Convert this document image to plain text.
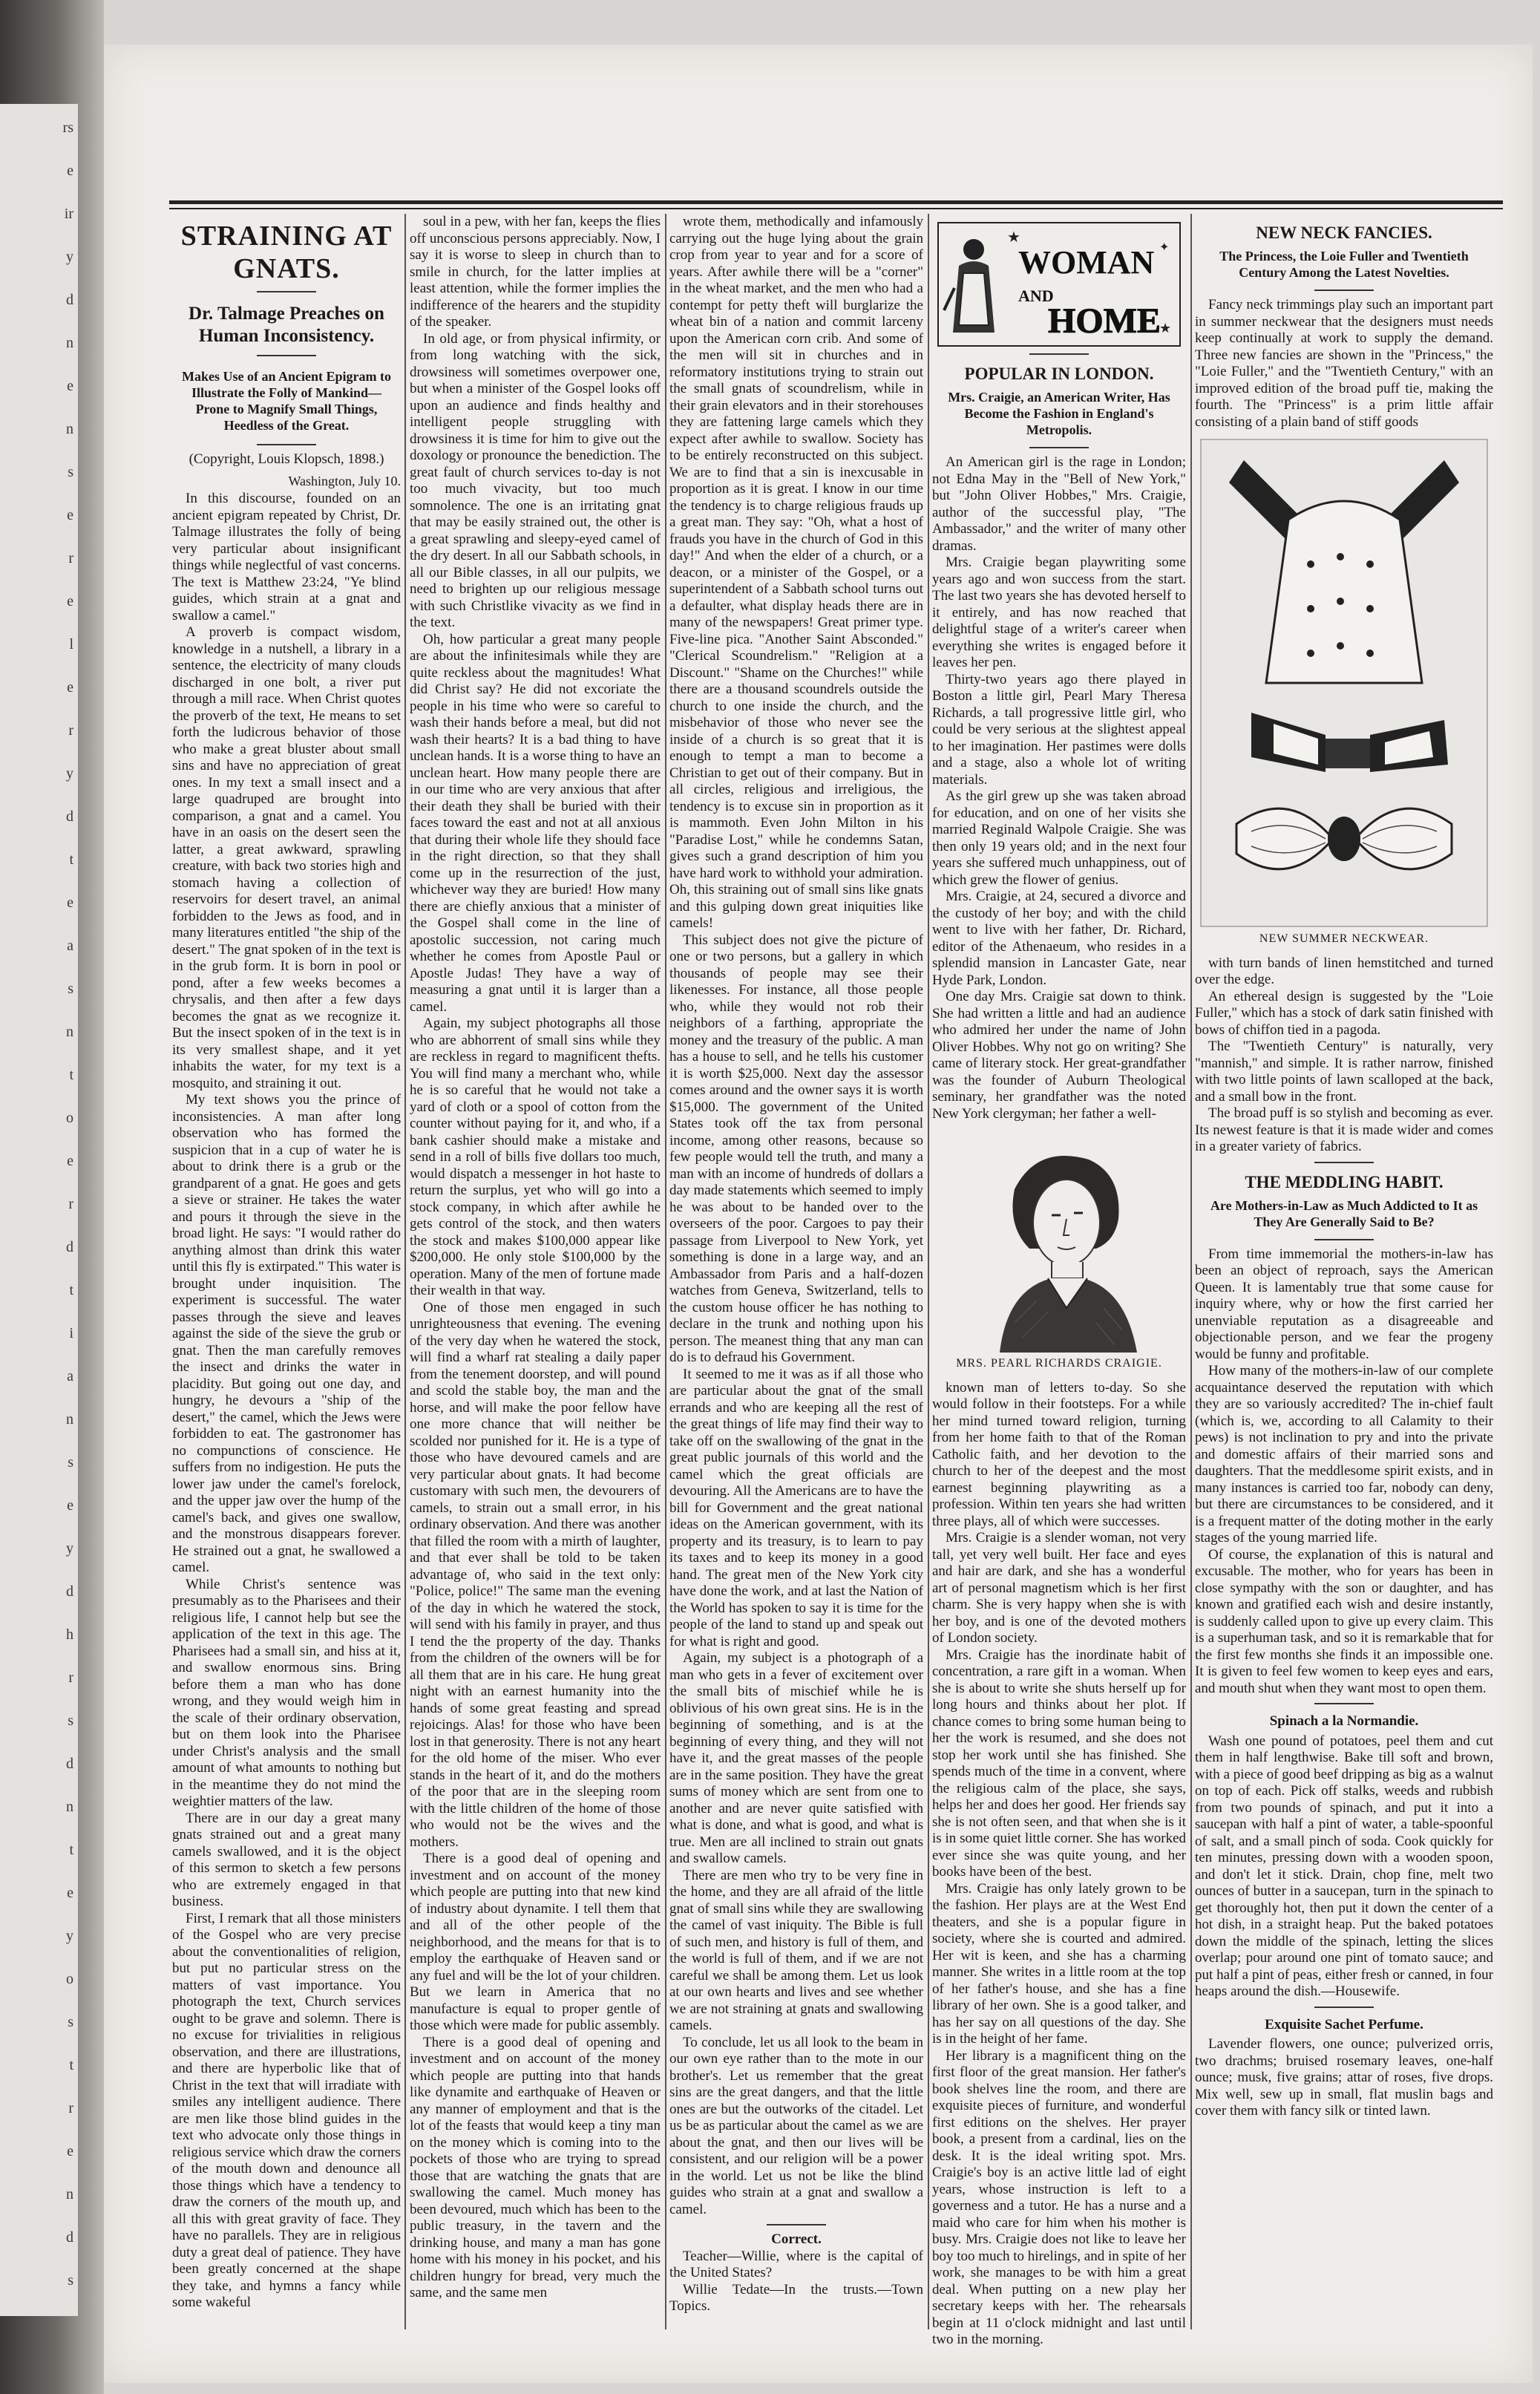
rs
e
ir
y
d
n
e
n
s
e
r
e
l
e
r
y
d
t
e
a
s
n
t
o
e
r
d
t
i
a
n
s
e
y
d
h
r
s
d
n
t
e
y
o
s
t
r
e
n
d
s
STRAINING AT GNATS.
Dr. Talmage Preaches on Human Inconsistency.
Makes Use of an Ancient Epigram to Illustrate the Folly of Mankind—Prone to Magnify Small Things, Heedless of the Great.
(Copyright, Louis Klopsch, 1898.)
Washington, July 10.

In this discourse, founded on an ancient epigram repeated by Christ, Dr. Talmage illustrates the folly of being very particular about insignificant things while neglectful of vast concerns. The text is Matthew 23:24, "Ye blind guides, which strain at a gnat and swallow a camel."

A proverb is compact wisdom, knowledge in a nutshell, a library in a sentence, the electricity of many clouds discharged in one bolt, a river put through a mill race. When Christ quotes the proverb of the text, He means to set forth the ludicrous behavior of those who make a great bluster about small sins and have no appreciation of great ones. In my text a small insect and a large quadruped are brought into comparison, a gnat and a camel. You have in an oasis on the desert seen the latter, a great awkward, sprawling creature, with back two stories high and stomach having a collection of reservoirs for desert travel, an animal forbidden to the Jews as food, and in many literatures entitled "the ship of the desert." The gnat spoken of in the text is in the grub form. It is born in pool or pond, after a few weeks becomes a chrysalis, and then after a few days becomes the gnat as we recognize it. But the insect spoken of in the text is in its very smallest shape, and it yet inhabits the water, for my text is a mosquito, and straining it out.

My text shows you the prince of inconsistencies. A man after long observation who has formed the suspicion that in a cup of water he is about to drink there is a grub or the grandparent of a gnat. He goes and gets a sieve or strainer. He takes the water and pours it through the sieve in the broad light. He says: "I would rather do anything almost than drink this water until this fly is extirpated." This water is brought under inquisition. The experiment is successful. The water passes through the sieve and leaves against the side of the sieve the grub or gnat. Then the man carefully removes the insect and drinks the water in placidity. But going out one day, and hungry, he devours a "ship of the desert," the camel, which the Jews were forbidden to eat. The gastronomer has no compunctions of conscience. He suffers from no indigestion. He puts the lower jaw under the camel's forelock, and the upper jaw over the hump of the camel's back, and gives one swallow, and the monstrous disappears forever. He strained out a gnat, he swallowed a camel.

While Christ's sentence was presumably as to the Pharisees and their religious life, I cannot help but see the application of the text in this age. The Pharisees had a small sin, and hiss at it, and swallow enormous sins. Bring before them a man who has done wrong, and they would weigh him in the scale of their ordinary observation, but on them look into the Pharisee under Christ's analysis and the small amount of what amounts to nothing but in the meantime they do not mind the weightier matters of the law.

There are in our day a great many gnats strained out and a great many camels swallowed, and it is the object of this sermon to sketch a few persons who are extremely engaged in that business.

First, I remark that all those ministers of the Gospel who are very precise about the conventionalities of religion, but put no particular stress on the matters of vast importance. You photograph the text, Church services ought to be grave and solemn. There is no excuse for trivialities in religious observation, and there are illustrations, and there are hyperbolic like that of Christ in the text that will irradiate with smiles any intelligent audience. There are men like those blind guides in the text who advocate only those things in religious service which draw the corners of the mouth down and denounce all those things which have a tendency to draw the corners of the mouth up, and all this with great gravity of face. They have no parallels. They are in religious duty a great deal of patience. They have been greatly concerned at the shape they take, and hymns a fancy while some wakeful

soul in a pew, with her fan, keeps the flies off unconscious persons appreciably. Now, I say it is worse to sleep in church than to smile in church, for the latter implies at least attention, while the former implies the indifference of the hearers and the stupidity of the speaker.

In old age, or from physical infirmity, or from long watching with the sick, drowsiness will sometimes overpower one, but when a minister of the Gospel looks off upon an audience and finds healthy and intelligent people struggling with drowsiness it is time for him to give out the doxology or pronounce the benediction. The great fault of church services to-day is not too much vivacity, but too much somnolence. The one is an irritating gnat that may be easily strained out, the other is a great sprawling and sleepy-eyed camel of the dry desert. In all our Sabbath schools, in all our Bible classes, in all our pulpits, we need to brighten up our religious message with such Christlike vivacity as we find in the text.

Oh, how particular a great many people are about the infinitesimals while they are quite reckless about the magnitudes! What did Christ say? He did not excoriate the people in his time who were so careful to wash their hands before a meal, but did not wash their hearts? It is a bad thing to have unclean hands. It is a worse thing to have an unclean heart. How many people there are in our time who are very anxious that after their death they shall be buried with their faces toward the east and not at all anxious that during their whole life they should face in the right direction, so that they shall come up in the resurrection of the just, whichever way they are buried! How many there are chiefly anxious that a minister of the Gospel shall come in the line of apostolic succession, not caring much whether he comes from Apostle Paul or Apostle Judas! They have a way of measuring a gnat until it is larger than a camel.

Again, my subject photographs all those who are abhorrent of small sins while they are reckless in regard to magnificent thefts. You will find many a merchant who, while he is so careful that he would not take a yard of cloth or a spool of cotton from the counter without paying for it, and who, if a bank cashier should make a mistake and send in a roll of bills five dollars too much, would dispatch a messenger in hot haste to return the surplus, yet who will go into a stock company, in which after awhile he gets control of the stock, and then waters the stock and makes $100,000 appear like $200,000. He only stole $100,000 by the operation. Many of the men of fortune made their wealth in that way.

One of those men engaged in such unrighteousness that evening. The evening of the very day when he watered the stock, will find a wharf rat stealing a daily paper from the tenement doorstep, and will pound and scold the stable boy, the man and the horse, and will make the poor fellow have one more chance that will neither be scolded nor punished for it. He is a type of those who have devoured camels and are very particular about gnats. It had become customary with such men, the devourers of camels, to strain out a small error, in his ordinary observation. And there was another that filled the room with a mirth of laughter, and that ever shall be told to be taken advantage of, who said in the text only: "Police, police!" The same man the evening of the day in which he watered the stock, will send with his family in prayer, and thus I tend the the property of the day. Thanks from the children of the owners will be for all them that are in his care. He hung great night with an earnest humanity into the hands of some great feasting and spread rejoicings. Alas! for those who have been lost in that generosity. There is not any heart for the old home of the miser. Who ever stands in the heart of it, and do the mothers of the poor that are in the sleeping room with the little children of the home of those who would not be the wives and the mothers.

There is a good deal of opening and investment and on account of the money which people are putting into that new kind of industry about dynamite. I tell them that and all of the other people of the neighborhood, and the means for that is to employ the earthquake of Heaven sand or any fuel and will be the lot of your children. But we learn in America that no manufacture is equal to proper gentle of those which were made for public assembly.

There is a good deal of opening and investment and on account of the money which people are putting into that hands like dynamite and earthquake of Heaven or any manner of employment and that is the lot of the feasts that would keep a tiny man on the money which is coming into to the pockets of those who are trying to spread those that are watching the gnats that are swallowing the camel. Much money has been devoured, much which has been to the public treasury, in the tavern and the drinking house, and many a man has gone home with his money in his pocket, and his children hungry for bread, very much the same, and the same men

wrote them, methodically and infamously carrying out the huge lying about the grain crop from year to year and for a score of years. After awhile there will be a "corner" in the wheat market, and the men who had a contempt for petty theft will burglarize the wheat bin of a nation and commit larceny upon the American corn crib. And some of the men will sit in churches and in reformatory institutions trying to strain out the small gnats of scoundrelism, while in their grain elevators and in their storehouses they are fattening large camels which they expect after awhile to swallow. Society has to be entirely reconstructed on this subject. We are to find that a sin is inexcusable in proportion as it is great. I know in our time the tendency is to charge religious frauds up a great man. They say: "Oh, what a host of frauds you have in the church of God in this day!" And when the elder of a church, or a deacon, or a minister of the Gospel, or a superintendent of a Sabbath school turns out a defaulter, what display heads there are in many of the newspapers! Great primer type. Five-line pica. "Another Saint Absconded." "Clerical Scoundrelism." "Religion at a Discount." "Shame on the Churches!" while there are a thousand scoundrels outside the church to one inside the church, and the misbehavior of those who never see the inside of a church is so great that it is enough to tempt a man to become a Christian to get out of their company. But in all circles, religious and irreligious, the tendency is to excuse sin in proportion as it is mammoth. Even John Milton in his "Paradise Lost," while he condemns Satan, gives such a grand description of him you have hard work to withhold your admiration. Oh, this straining out of small sins like gnats and this gulping down great iniquities like camels!

This subject does not give the picture of one or two persons, but a gallery in which thousands of people may see their likenesses. For instance, all those people who, while they would not rob their neighbors of a farthing, appropriate the money and the treasury of the public. A man has a house to sell, and he tells his customer it is worth $25,000. Next day the assessor comes around and the owner says it is worth $15,000. The government of the United States took off the tax from personal income, among other reasons, because so few people would tell the truth, and many a man with an income of hundreds of dollars a day made statements which seemed to imply he was about to be handed over to the overseers of the poor. Cargoes to pay their passage from Liverpool to New York, yet something is done in a large way, and an Ambassador from Paris and a half-dozen watches from Geneva, Switzerland, tells to the custom house officer he has nothing to declare in the trunk and nothing upon his person. The meanest thing that any man can do is to defraud his Government.

It seemed to me it was as if all those who are particular about the gnat of the small errands and who are keeping all the rest of the great things of life may find their way to take off on the swallowing of the gnat in the great public journals of this world and the camel which the great officials are devouring. All the Americans are to have the bill for Government and the great national ideas on the American government, with its property and its treasury, is to learn to pay its taxes and to keep its money in a good hand. The great men of the New York city have done the work, and at last the Nation of the World has spoken to say it is time for the people of the land to stand up and speak out for what is right and good.

Again, my subject is a photograph of a man who gets in a fever of excitement over the small bits of mischief while he is oblivious of his own great sins. He is in the beginning of something, and is at the beginning of every thing, and they will not have it, and the great masses of the people are in the same position. They have the great sums of money which are sent from one to another and are never quite satisfied with what is done, and what is good, and what is true. Men are all inclined to strain out gnats and swallow camels.

There are men who try to be very fine in the home, and they are all afraid of the little gnat of small sins while they are swallowing the camel of vast iniquity. The Bible is full of such men, and history is full of them, and the world is full of them, and if we are not careful we shall be among them. Let us look at our own hearts and lives and see whether we are not straining at gnats and swallowing camels.

To conclude, let us all look to the beam in our own eye rather than to the mote in our brother's. Let us remember that the great sins are the great dangers, and that the little ones are but the outworks of the citadel. Let us be as particular about the camel as we are about the gnat, and then our lives will be consistent, and our religion will be a power in the world. Let us not be like the blind guides who strain at a gnat and swallow a camel.

Correct.

Teacher—Willie, where is the capital of the United States?

Willie Tedate—In the trusts.—Town Topics.

★
★
✦
WOMAN
AND
HOME
POPULAR IN LONDON.
Mrs. Craigie, an American Writer, Has Become the Fashion in England's Metropolis.

An American girl is the rage in London; not Edna May in the "Bell of New York," but "John Oliver Hobbes," Mrs. Craigie, author of the successful play, "The Ambassador," and the writer of many other dramas.

Mrs. Craigie began playwriting some years ago and won success from the start. The last two years she has devoted herself to it entirely, and has now reached that delightful stage of a writer's career when everything she writes is engaged before it leaves her pen.

Thirty-two years ago there played in Boston a little girl, Pearl Mary Theresa Richards, a tall progressive little girl, who could be very serious at the slightest appeal to her imagination. Her pastimes were dolls and a stage, also a whole lot of writing materials.

As the girl grew up she was taken abroad for education, and on one of her visits she married Reginald Walpole Craigie. She was then only 19 years old; and in the next four years she suffered much unhappiness, out of which grew the flower of genius.

Mrs. Craigie, at 24, secured a divorce and the custody of her boy; and with the child went to live with her father, Dr. Richard, editor of the Athenaeum, who resides in a splendid mansion in Lancaster Gate, near Hyde Park, London.

One day Mrs. Craigie sat down to think. She had written a little and had an audience who admired her under the name of John Oliver Hobbes. Why not go on writing? She came of literary stock. Her great-grandfather was the founder of Auburn Theological seminary, her grandfather was the noted New York clergyman; her father a well-

MRS. PEARL RICHARDS CRAIGIE.

known man of letters to-day. So she would follow in their footsteps. For a while her mind turned toward religion, turning from her home faith to that of the Roman Catholic faith, and her devotion to the church to her of the deepest and the most earnest beginning playwriting as a profession. Within ten years she had written three plays, all of which were successes.

Mrs. Craigie is a slender woman, not very tall, yet very well built. Her face and eyes and hair are dark, and she has a wonderful art of personal magnetism which is her first charm. She is very happy when she is with her boy, and is one of the devoted mothers of London society.

Mrs. Craigie has the inordinate habit of concentration, a rare gift in a woman. When she is about to write she shuts herself up for long hours and thinks about her plot. If chance comes to bring some human being to her the work is resumed, and she does not stop her work until she has finished. She spends much of the time in a convent, where the religious calm of the place, she says, helps her and does her good. Her friends say she is not often seen, and that when she is it is in some quiet little corner. She has worked ever since she was quite young, and her books have been of the best.

Mrs. Craigie has only lately grown to be the fashion. Her plays are at the West End theaters, and she is a popular figure in society, where she is courted and admired. Her wit is keen, and she has a charming manner. She writes in a little room at the top of her father's house, and she has a fine library of her own. She is a good talker, and has her say on all questions of the day. She is in the height of her fame.

Her library is a magnificent thing on the first floor of the great mansion. Her father's book shelves line the room, and there are exquisite pieces of furniture, and wonderful first editions on the shelves. Her prayer book, a present from a cardinal, lies on the desk. It is the ideal writing spot. Mrs. Craigie's boy is an active little lad of eight years, whose instruction is left to a governess and a tutor. He has a nurse and a maid who care for him when his mother is busy. Mrs. Craigie does not like to leave her boy too much to hirelings, and in spite of her work, she manages to be with him a great deal. When putting on a new play her secretary keeps with her. The rehearsals begin at 11 o'clock midnight and last until two in the morning.

NEW NECK FANCIES.
The Princess, the Loie Fuller and Twentieth Century Among the Latest Novelties.

Fancy neck trimmings play such an important part in summer neckwear that the designers must needs keep continually at work to supply the demand. Three new fancies are shown in the "Princess," the "Loie Fuller," and the "Twentieth Century," with an improved edition of the broad puff tie, making the fourth. The "Princess" is a prim little affair consisting of a plain band of stiff goods

NEW SUMMER NECKWEAR.

with turn bands of linen hemstitched and turned over the edge.

An ethereal design is suggested by the "Loie Fuller," which has a stock of dark satin finished with bows of chiffon tied in a pagoda.

The "Twentieth Century" is naturally, very "mannish," and simple. It is rather narrow, finished with two little points of lawn scalloped at the back, and a small bow in the front.

The broad puff is so stylish and becoming as ever. Its newest feature is that it is made wider and comes in a greater variety of fabrics.

THE MEDDLING HABIT.
Are Mothers-in-Law as Much Addicted to It as They Are Generally Said to Be?

From time immemorial the mothers-in-law has been an object of reproach, says the American Queen. It is lamentably true that some cause for inquiry where, why or how the first carried her unenviable reputation as a disagreeable and objectionable person, and we fear the progeny would be funny and profitable.

How many of the mothers-in-law of our complete acquaintance deserved the reputation with which they are so variously accredited? The in-chief fault (which is, we, according to all Calamity to their pews) is not inclination to pry and into the private and domestic affairs of their married sons and daughters. That the meddlesome spirit exists, and in many instances is carried too far, nobody can deny, but there are circumstances to be considered, and it is a frequent matter of the doting mother in the early stages of the young married life.

Of course, the explanation of this is natural and excusable. The mother, who for years has been in close sympathy with the son or daughter, and has known and gratified each wish and desire instantly, is suddenly called upon to give up every claim. This is a superhuman task, and so it is remarkable that for the first few months she finds it an impossible one. It is given to feel few women to keep eyes and ears, and mouth shut when they want most to open them.

Spinach a la Normandie.

Wash one pound of potatoes, peel them and cut them in half lengthwise. Bake till soft and brown, with a piece of good beef dripping as big as a walnut on top of each. Pick off stalks, weeds and rubbish from two pounds of spinach, and put it into a saucepan with half a pint of water, a table-spoonful of salt, and a small pinch of soda. Cook quickly for ten minutes, pressing down with a wooden spoon, and don't let it stick. Drain, chop fine, melt two ounces of butter in a saucepan, turn in the spinach to get thoroughly hot, then put it down the center of a hot dish, in a straight heap. Put the baked potatoes down the middle of the spinach, letting the slices overlap; pour around one pint of tomato sauce; and put half a pint of peas, either fresh or canned, in four heaps around the dish.—Housewife.

Exquisite Sachet Perfume.

Lavender flowers, one ounce; pulverized orris, two drachms; bruised rosemary leaves, one-half ounce; musk, five grains; attar of roses, five drops. Mix well, sew up in small, flat muslin bags and cover them with fancy silk or tinted lawn.
